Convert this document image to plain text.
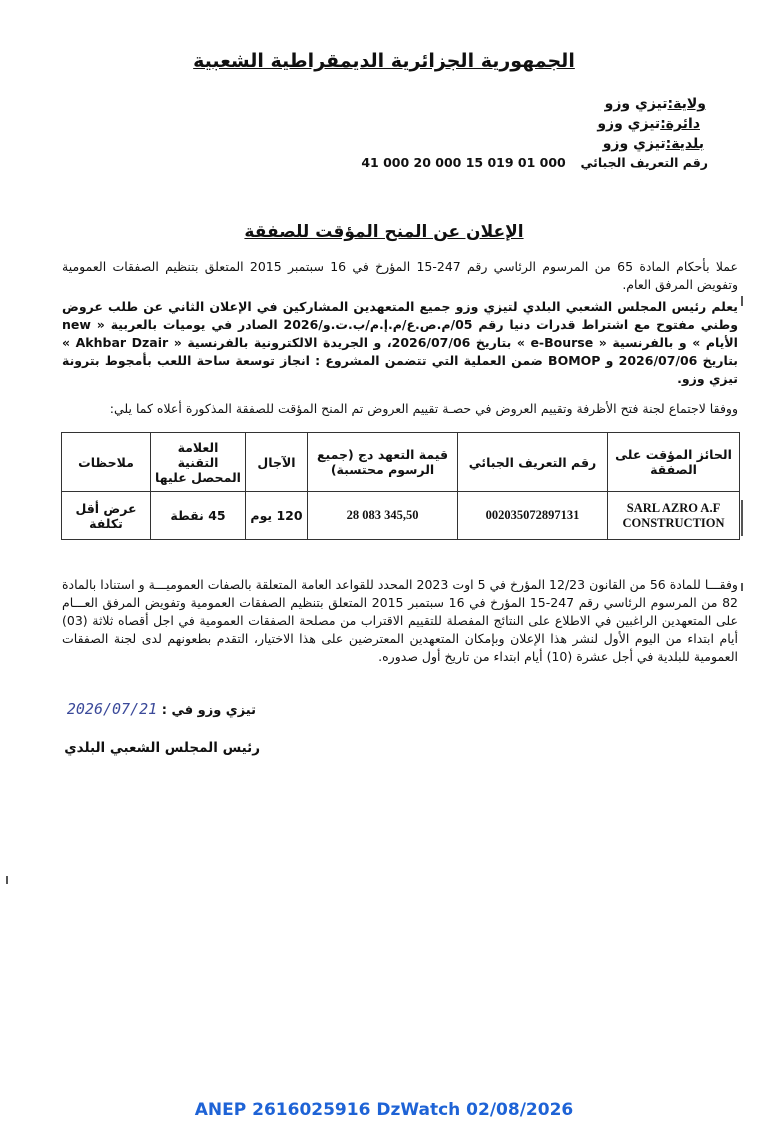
الجمهورية الجزائرية الديمقراطية الشعبية
ولاية:تيزي وزو
دائرة:تيزي وزو
بلدية:تيزي وزو
رقم التعريف الجبائي  41 000 20 000 15 019 01 000
الإعلان عن المنح المؤقت للصفقة
عملا بأحكام المادة 65 من المرسوم الرئاسي رقم 247-15 المؤرخ في 16 سبتمبر 2015 المتعلق بتنظيم الصفقات العمومية وتفويض المرفق العام.
يعلم رئيس المجلس الشعبي البلدي لتيزي وزو جميع المتعهدين المشاركين في الإعلان الثاني عن طلب عروض وطني مفتوح مع اشتراط قدرات دنيا رقم 05/م.ص.ع/م.إ.م/ب.ت.و/2026 الصادر في يوميات بالعربية « new الأيام » و بالفرنسية « e-Bourse » بتاريخ 2026/07/06، و الجريدة الالكترونية بالفرنسية « Akhbar Dzair » بتاريخ 2026/07/06 و BOMOP ضمن العملية التي تتضمن المشروع : انجاز توسعة ساحة اللعب بأمجوط بترونة تيزي وزو.
ووفقا لاجتماع لجنة فتح الأظرفة وتقييم العروض في حصـة تقييم العروض تم المنح المؤقت للصفقة المذكورة أعلاه كما يلي:
الحائز المؤقت على الصفقة	رقم التعريف الجبائي	قيمة التعهد دج (جميع الرسوم محتسبة)	الآجال	العلامة التقنية المحصل عليها	ملاحظات
SARL AZRO A.F CONSTRUCTION	002035072897131	28 083 345,50	120 يوم	45 نقطة	عرض أقل تكلفة
وفقـــا للمادة 56 من القانون 12/23 المؤرخ في 5 اوت 2023 المحدد للقواعد العامة المتعلقة بالصفات العموميـــة و استنادا بالمادة 82 من المرسوم الرئاسي رقم 247-15 المؤرخ في 16 سبتمبر 2015 المتعلق بتنظيم الصفقات العمومية وتفويض المرفق العـــام على المتعهدين الراغبين في الاطلاع على النتائج المفصلة للتقييم الاقتراب من مصلحة الصفقات العمومية في اجل أقصاه ثلاثة (03) أيام ابتداء من اليوم الأول لنشر هذا الإعلان وبإمكان المتعهدين المعترضين على هذا الاختيار، التقدم بطعونهم لدى لجنة الصفقات العمومية للبلدية في أجل عشرة (10) أيام ابتداء من تاريخ أول صدوره.
تيزي وزو في : 2026/07/21
رئيس المجلس الشعبي البلدي
ANEP 2616025916 DzWatch 02/08/2026
